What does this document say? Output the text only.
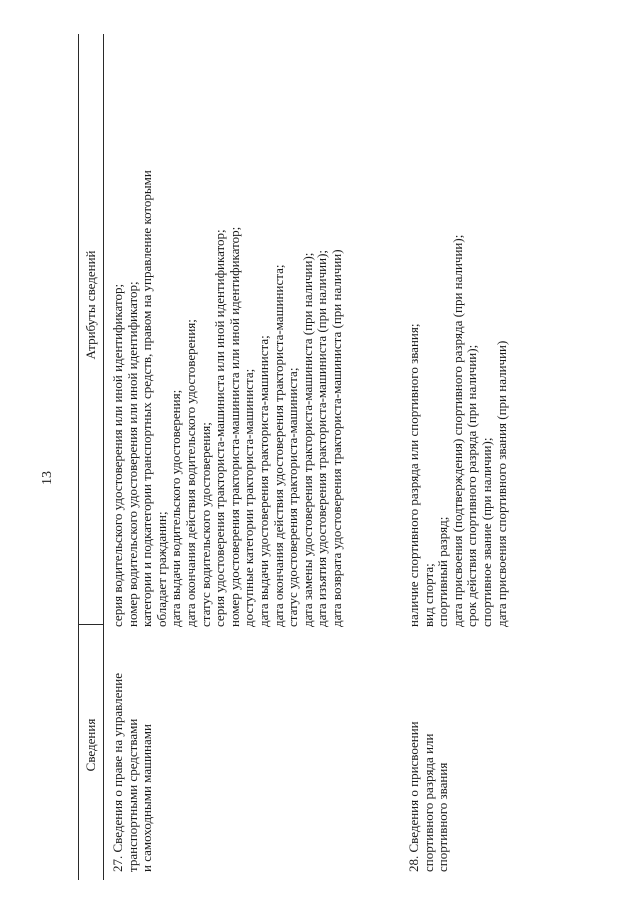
13
Сведения
Атрибуты сведений
27. Сведения о праве на управление транспортными средствами и самоходными машинами
серия водительского удостоверения или иной идентификатор; номер водительского удостоверения или иной идентификатор; категории и подкатегории транспортных средств, правом на управление которыми обладает гражданин; дата выдачи водительского удостоверения; дата окончания действия водительского удостоверения; статус водительского удостоверения; серия удостоверения тракториста-машиниста или иной идентификатор; номер удостоверения тракториста-машиниста или иной идентификатор; доступные категории тракториста-машиниста; дата выдачи удостоверения тракториста-машиниста; дата окончания действия удостоверения тракториста-машиниста; статус удостоверения тракториста-машиниста; дата замены удостоверения тракториста-машиниста (при наличии); дата изъятия удостоверения тракториста-машиниста (при наличии); дата возврата удостоверения тракториста-машиниста (при наличии)
28. Сведения о присвоении спортивного разряда или спортивного звания
наличие спортивного разряда или спортивного звания; вид спорта; спортивный разряд; дата присвоения (подтверждения) спортивного разряда (при наличии); срок действия спортивного разряда (при наличии); спортивное звание (при наличии); дата присвоения спортивного звания (при наличии)
